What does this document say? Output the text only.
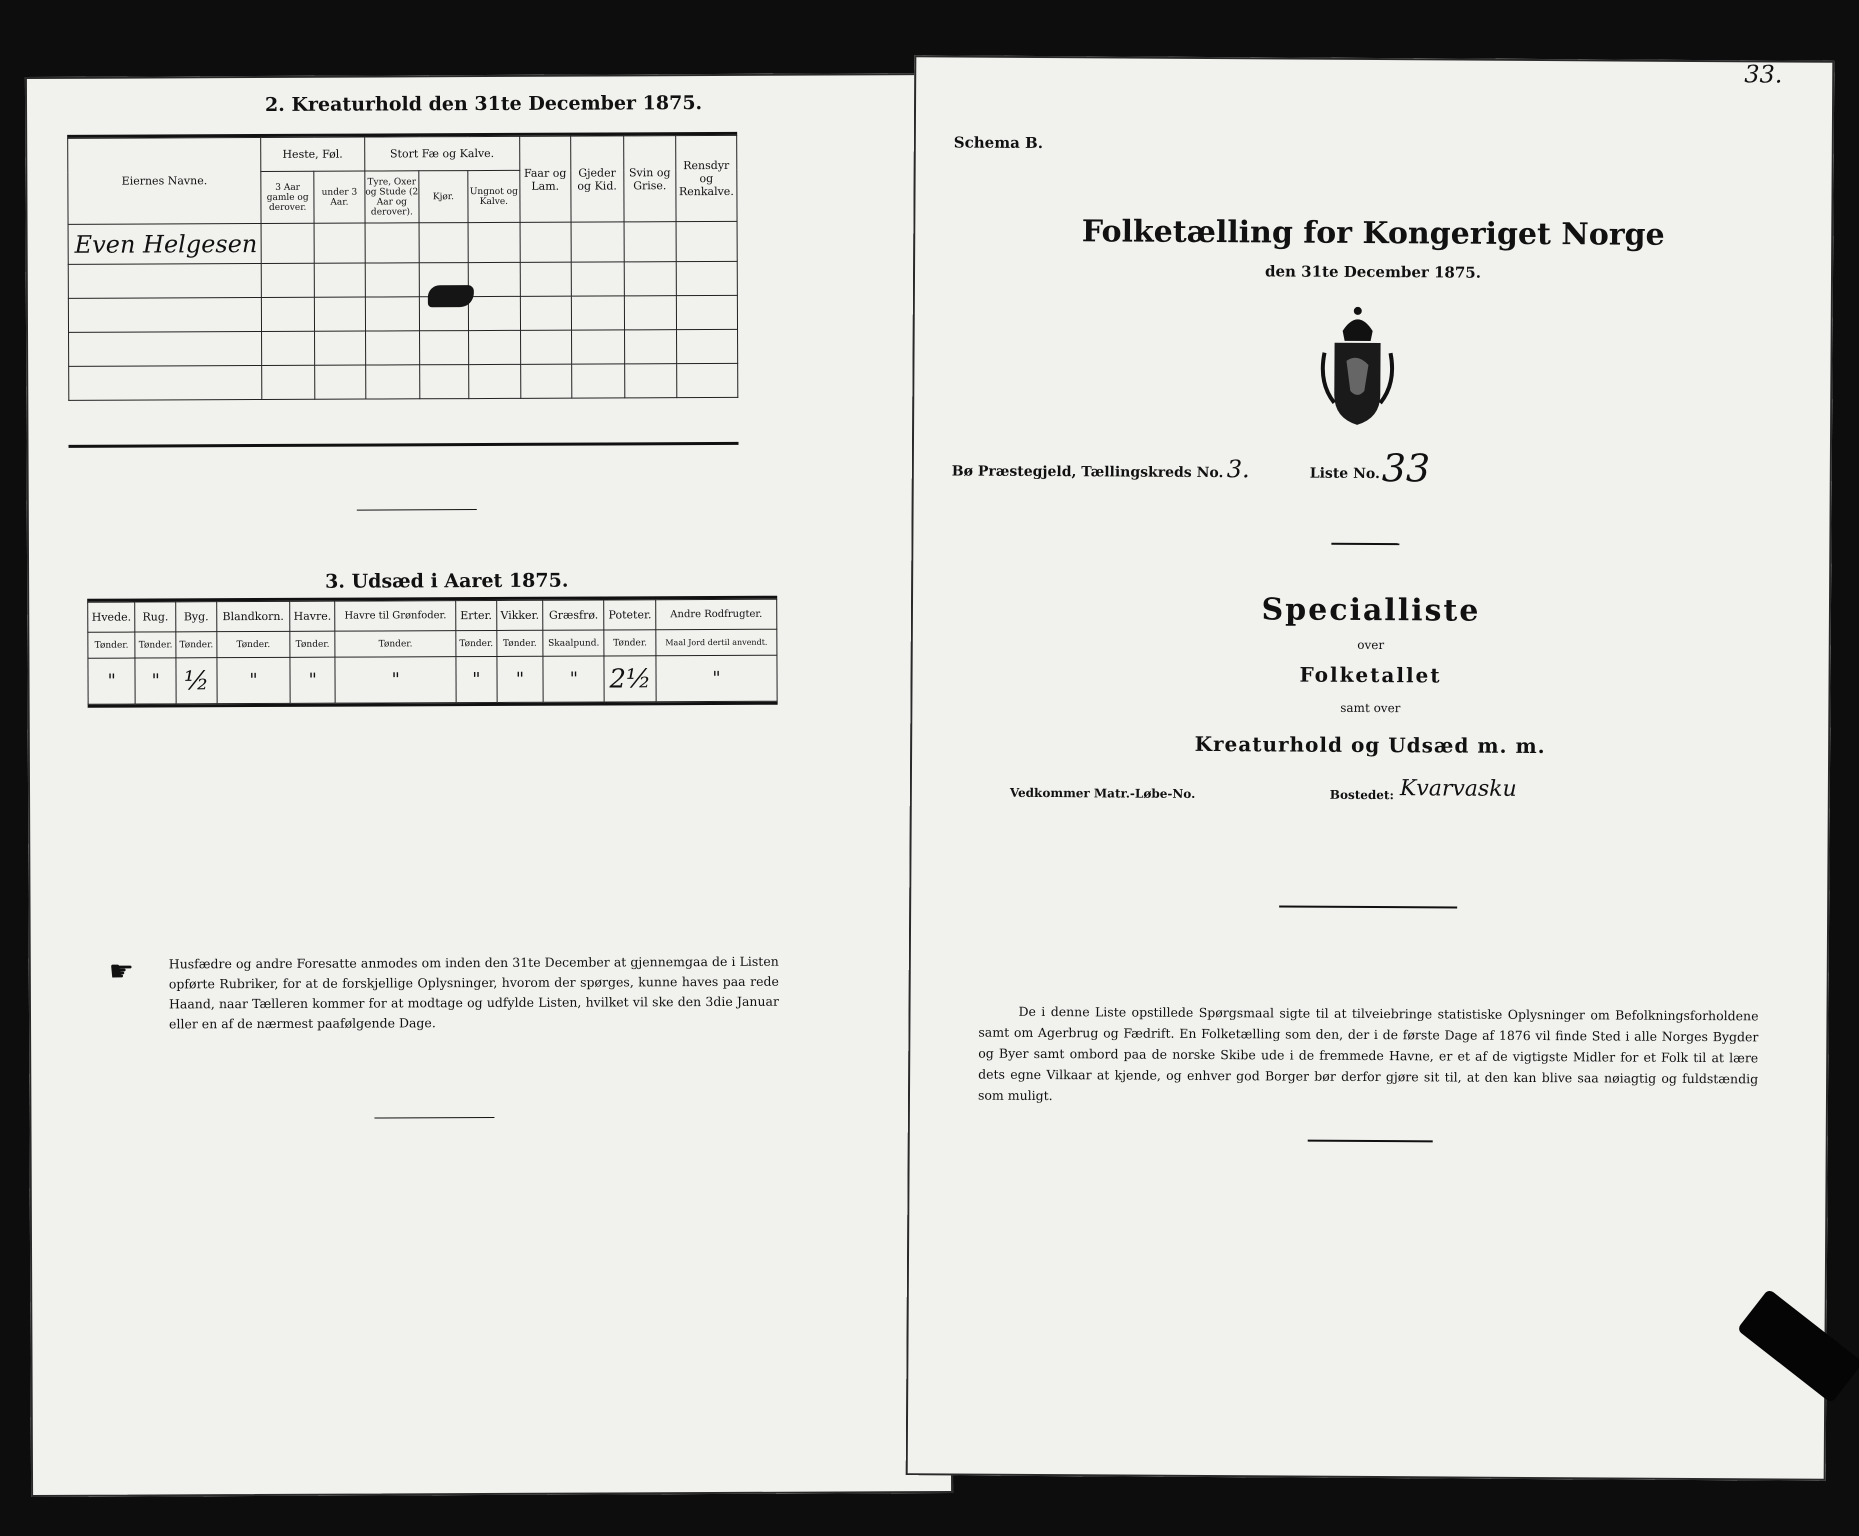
2. Kreaturhold den 31te December 1875.
Eiernes Navne.	Heste, Føl.		Stort Fæ og Kalve.			Faar og Lam.	Gjeder og Kid.	Svin og Grise.	Rensdyr og Renkalve.
	3 Aar gamle og derover.	under 3 Aar.	Tyre, Oxer og Stude (2 Aar og derover).	Kjør.	Ungnot og Kalve.				
Even Helgesen									

3. Udsæd i Aaret 1875.
Hvede.	Rug.	Byg.	Blandkorn.	Havre.	Havre til Grønfoder.	Erter.	Vikker.	Græsfrø.	Poteter.	Andre Rodfrugter.
Tønder.	Tønder.	Tønder.	Tønder.	Tønder.	Tønder.	Tønder.	Tønder.	Skaalpund.	Tønder.	Maal Jord dertil anvendt.
"	"	½	"	"	"	"	"	"	2½	"
☛	Husfædre og andre Foresatte anmodes om inden den 31te December at gjennemgaa de i Listen opførte Rubriker, for at de forskjellige Oplysninger, hvorom der spørges, kunne haves paa rede Haand, naar Tælleren kommer for at modtage og udfylde Listen, hvilket vil ske den 3die Januar eller en af de nærmest paafølgende Dage.
33.
Schema B.
Folketælling for Kongeriget Norge
den 31te December 1875.
Bø Præstegjeld, Tællingskreds No. 3.	Liste No. 33
Specialliste
over
Folketallet
samt over
Kreaturhold og Udsæd m. m.
Vedkommer Matr.-Løbe-No.	Bostedet: Kvarvasku
De i denne Liste opstillede Spørgsmaal sigte til at tilveiebringe statistiske Oplysninger om Befolkningsforholdene samt om Agerbrug og Fædrift. En Folketælling som den, der i de første Dage af 1876 vil finde Sted i alle Norges Bygder og Byer samt ombord paa de norske Skibe ude i de fremmede Havne, er et af de vigtigste Midler for et Folk til at lære dets egne Vilkaar at kjende, og enhver god Borger bør derfor gjøre sit til, at den kan blive saa nøiagtig og fuldstændig som muligt.
